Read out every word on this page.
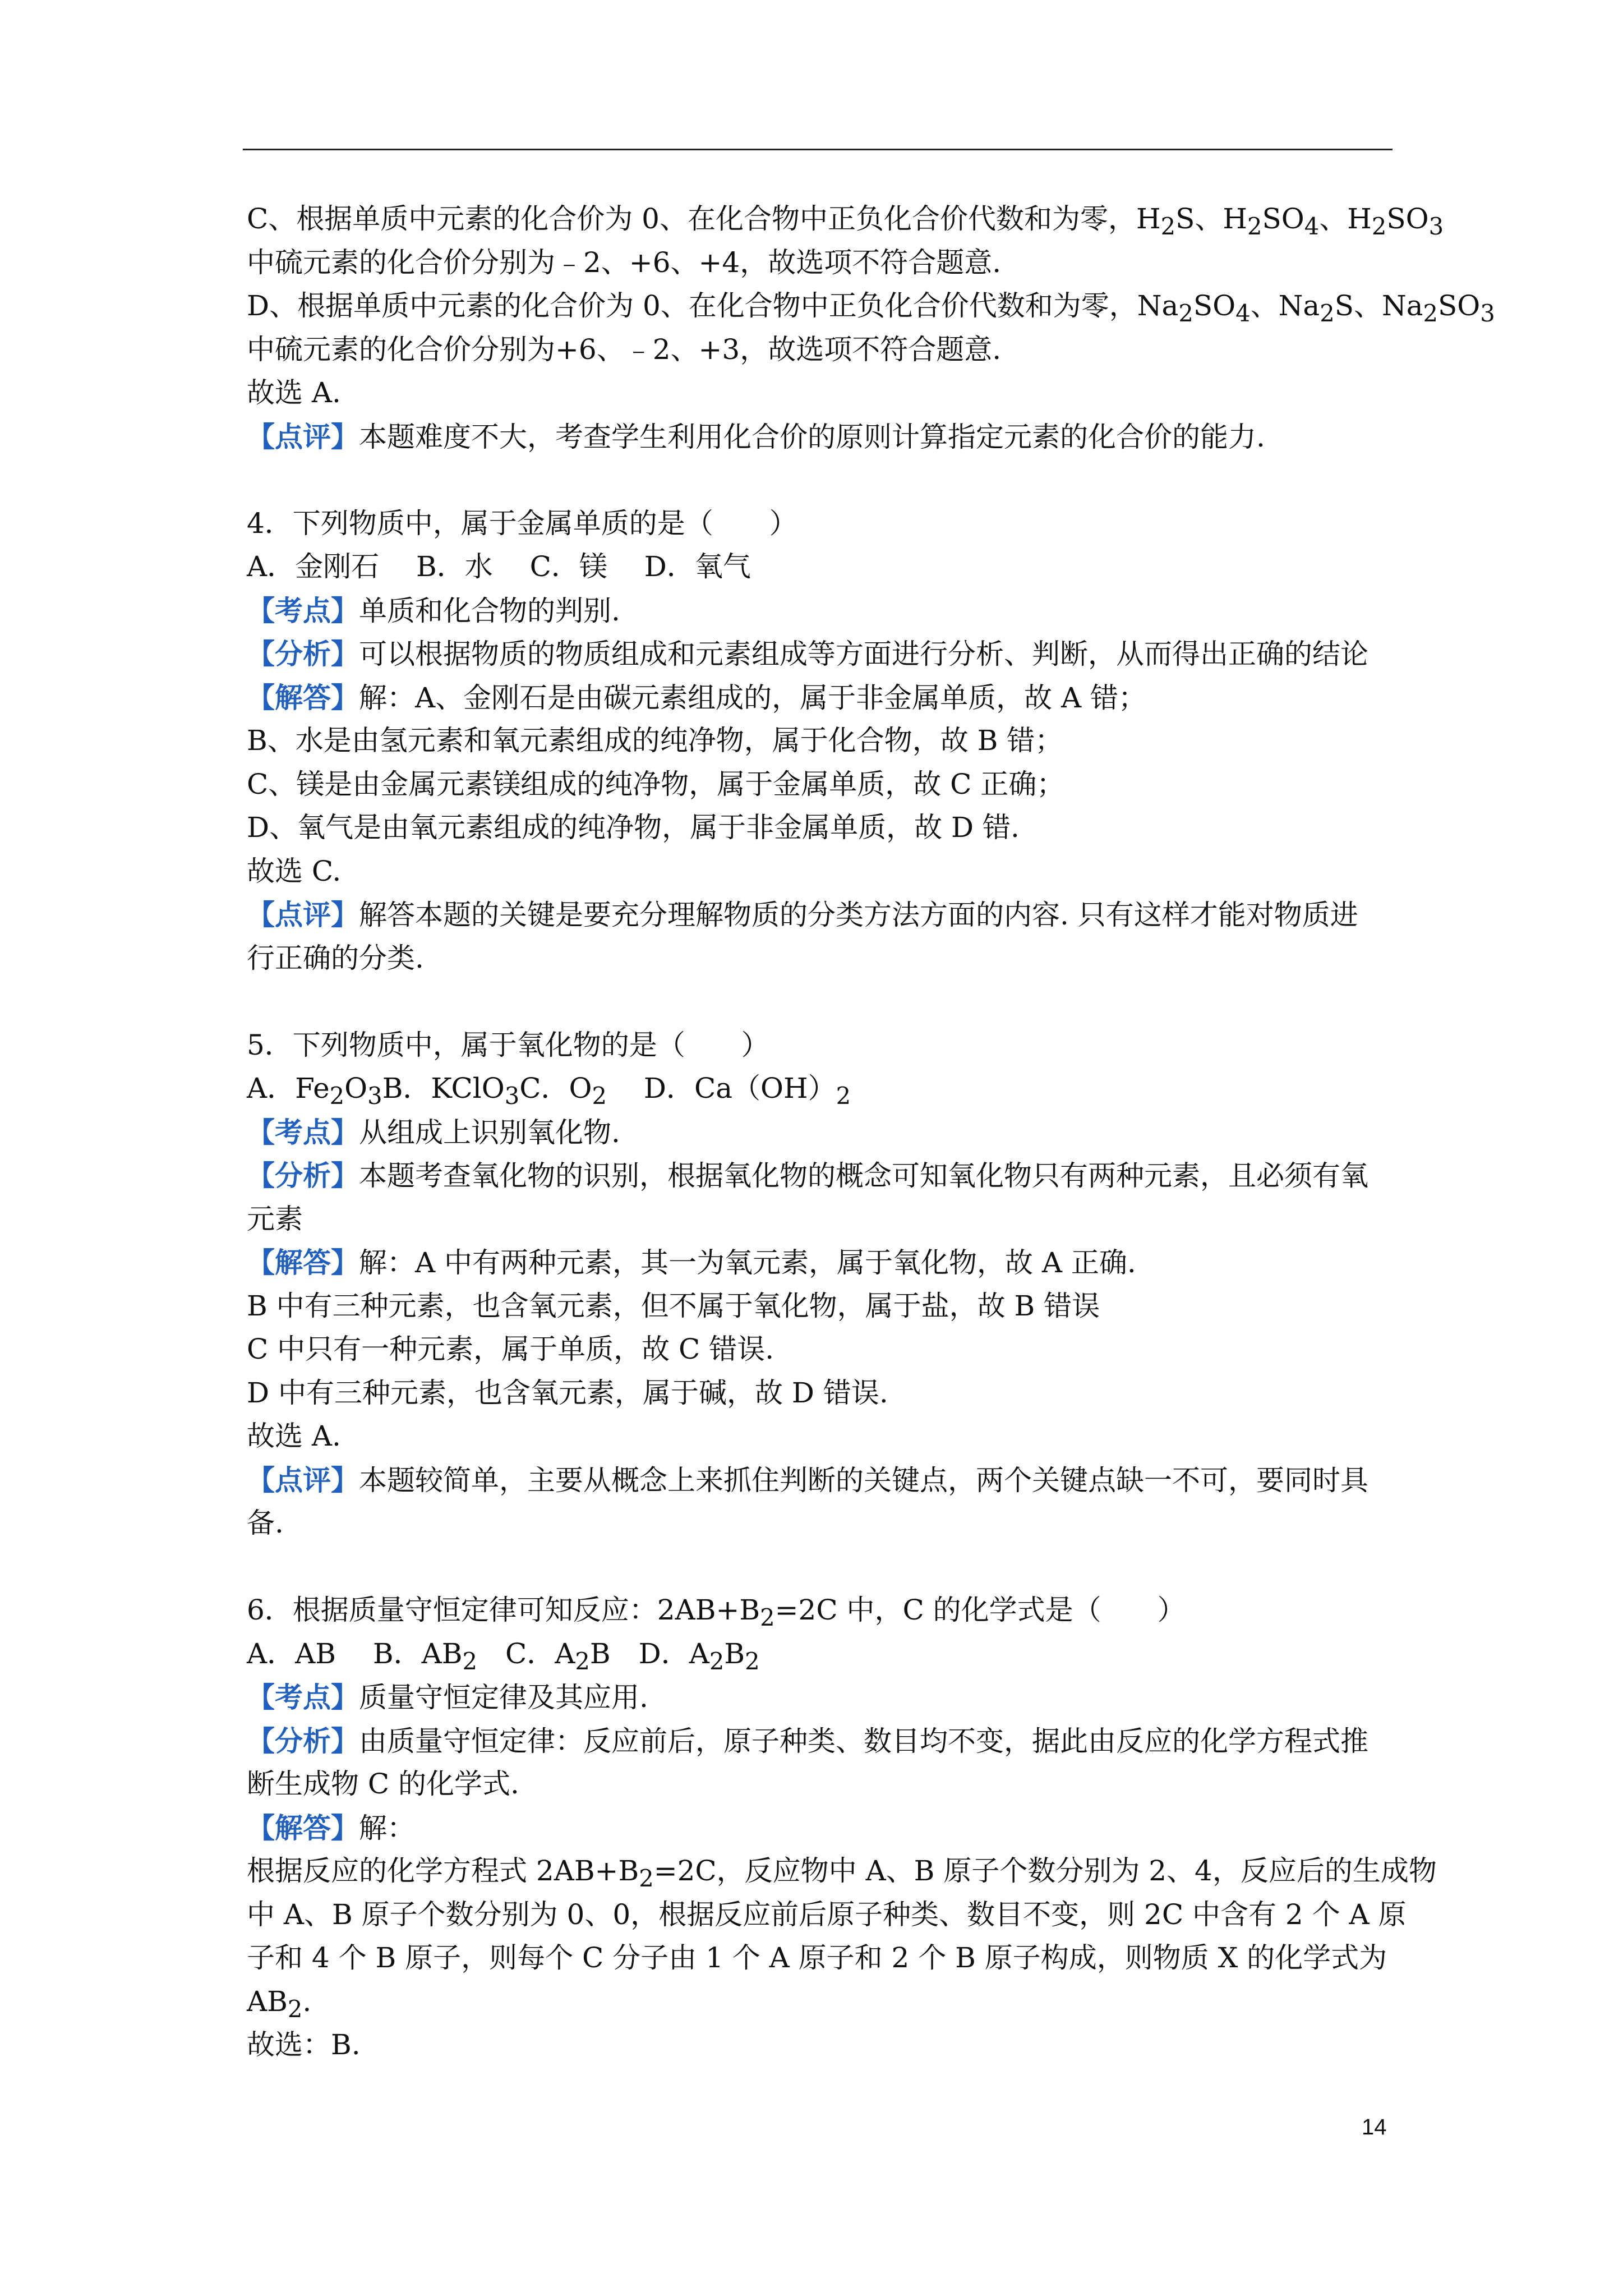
C、根据单质中元素的化合价为 0、在化合物中正负化合价代数和为零，$H_2S$、$H_2SO_4$、$H_2SO_3$
中硫元素的化合价分别为﹣2、+6、+4，故选项不符合题意.
D、根据单质中元素的化合价为 0、在化合物中正负化合价代数和为零，$Na_2SO_4$、$Na_2S$、$Na_2SO_3$
中硫元素的化合价分别为+6、﹣2、+3，故选项不符合题意.
故选 A.
【点评】本题难度不大，考查学生利用化合价的原则计算指定元素的化合价的能力.
4．下列物质中，属于金属单质的是（　　）
A．金刚石　 B．水　 C．镁　 D．氧气
【考点】单质和化合物的判别.
【分析】可以根据物质的物质组成和元素组成等方面进行分析、判断，从而得出正确的结论
【解答】解：A、金刚石是由碳元素组成的，属于非金属单质，故 A 错；
B、水是由氢元素和氧元素组成的纯净物，属于化合物，故 B 错；
C、镁是由金属元素镁组成的纯净物，属于金属单质，故 C 正确；
D、氧气是由氧元素组成的纯净物，属于非金属单质，故 D 错.
故选 C.
【点评】解答本题的关键是要充分理解物质的分类方法方面的内容. 只有这样才能对物质进
行正确的分类.
5．下列物质中，属于氧化物的是（　　）
A．$Fe_2O_3B$．KClO$_3$C．$O_2$　 D．$Ca(OH)_2$
【考点】从组成上识别氧化物.
【分析】本题考查氧化物的识别，根据氧化物的概念可知氧化物只有两种元素，且必须有氧
元素
【解答】解：A 中有两种元素，其一为氧元素，属于氧化物，故 A 正确.
B 中有三种元素，也含氧元素，但不属于氧化物，属于盐，故 B 错误
C 中只有一种元素，属于单质，故 C 错误.
D 中有三种元素，也含氧元素，属于碱，故 D 错误.
故选 A.
【点评】本题较简单，主要从概念上来抓住判断的关键点，两个关键点缺一不可，要同时具
备.
6．根据质量守恒定律可知反应：$2AB+B_2=2C$ 中，C 的化学式是（　　）
A．AB　 B．$AB_2$　C．$A_2B$　D．$A_2B_2$
【考点】质量守恒定律及其应用.
【分析】由质量守恒定律：反应前后，原子种类、数目均不变，据此由反应的化学方程式推
断生成物 C 的化学式.
【解答】解：
根据反应的化学方程式 $2AB+B_2=2C$，反应物中 A、B 原子个数分别为 2、4，反应后的生成物
中 A、B 原子个数分别为 0、0，根据反应前后原子种类、数目不变，则 2C 中含有 2 个 A 原
子和 4 个 B 原子，则每个 C 分子由 1 个 A 原子和 2 个 B 原子构成，则物质 X 的化学式为
$AB_2$.
故选：B.
14
